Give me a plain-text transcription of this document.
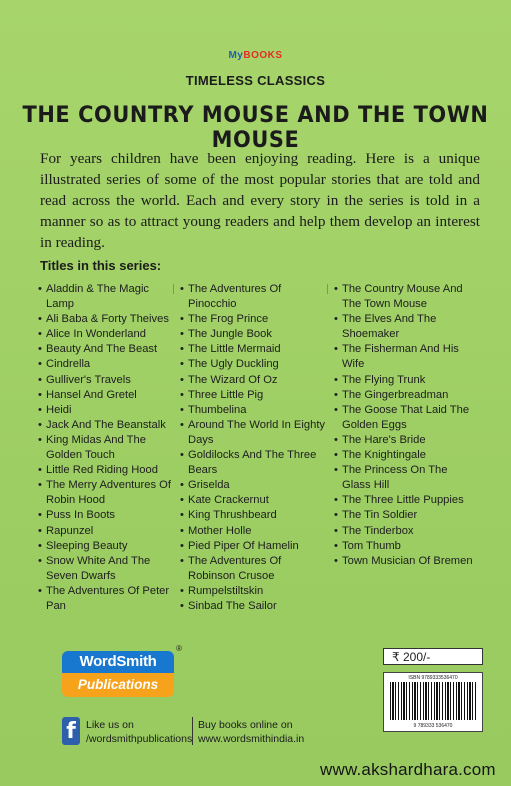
MyBOOKS
TIMELESS CLASSICS
THE COUNTRY MOUSE AND THE TOWN MOUSE
For years children have been enjoying reading. Here is a unique illustrated series of some of the most popular stories that are told and read across the world. Each and every story in the series is told in a manner so as to attract young readers and help them develop an interest in reading.
Titles in this series:
• Aladdin & The Magic Lamp
• Ali Baba & Forty Theives
• Alice In Wonderland
• Beauty And The Beast
• Cindrella
• Gulliver's Travels
• Hansel And Gretel
• Heidi
• Jack And The Beanstalk
• King Midas And The Golden Touch
• Little Red Riding Hood
• The Merry Adventures Of Robin Hood
• Puss In Boots
• Rapunzel
• Sleeping Beauty
• Snow White And The Seven Dwarfs
• The Adventures Of Peter Pan
• The Adventures Of Pinocchio
• The Frog Prince
• The Jungle Book
• The Little Mermaid
• The Ugly Duckling
• The Wizard Of Oz
• Three Little Pig
• Thumbelina
• Around The World In Eighty Days
• Goldilocks And The Three Bears
• Griselda
• Kate Crackernut
• King Thrushbeard
• Mother Holle
• Pied Piper Of Hamelin
• The Adventures Of Robinson Crusoe
• Rumpelstiltskin
• Sinbad The Sailor
• The Country Mouse And The Town Mouse
• The Elves And The Shoemaker
• The Fisherman And His Wife
• The Flying Trunk
• The Gingerbreadman
• The Goose That Laid The Golden Eggs
• The Hare's Bride
• The Knightingale
• The Princess On The Glass Hill
• The Three Little Puppies
• The Tin Soldier
• The Tinderbox
• Tom Thumb
• Town Musician Of Bremen
₹ 200/-
ISBN 9789333536470
9 789333 536470
WordSmith
Publications
®
f Like us on
/wordsmithpublications
Buy books online on
www.wordsmithindia.in
www.akshardhara.com
